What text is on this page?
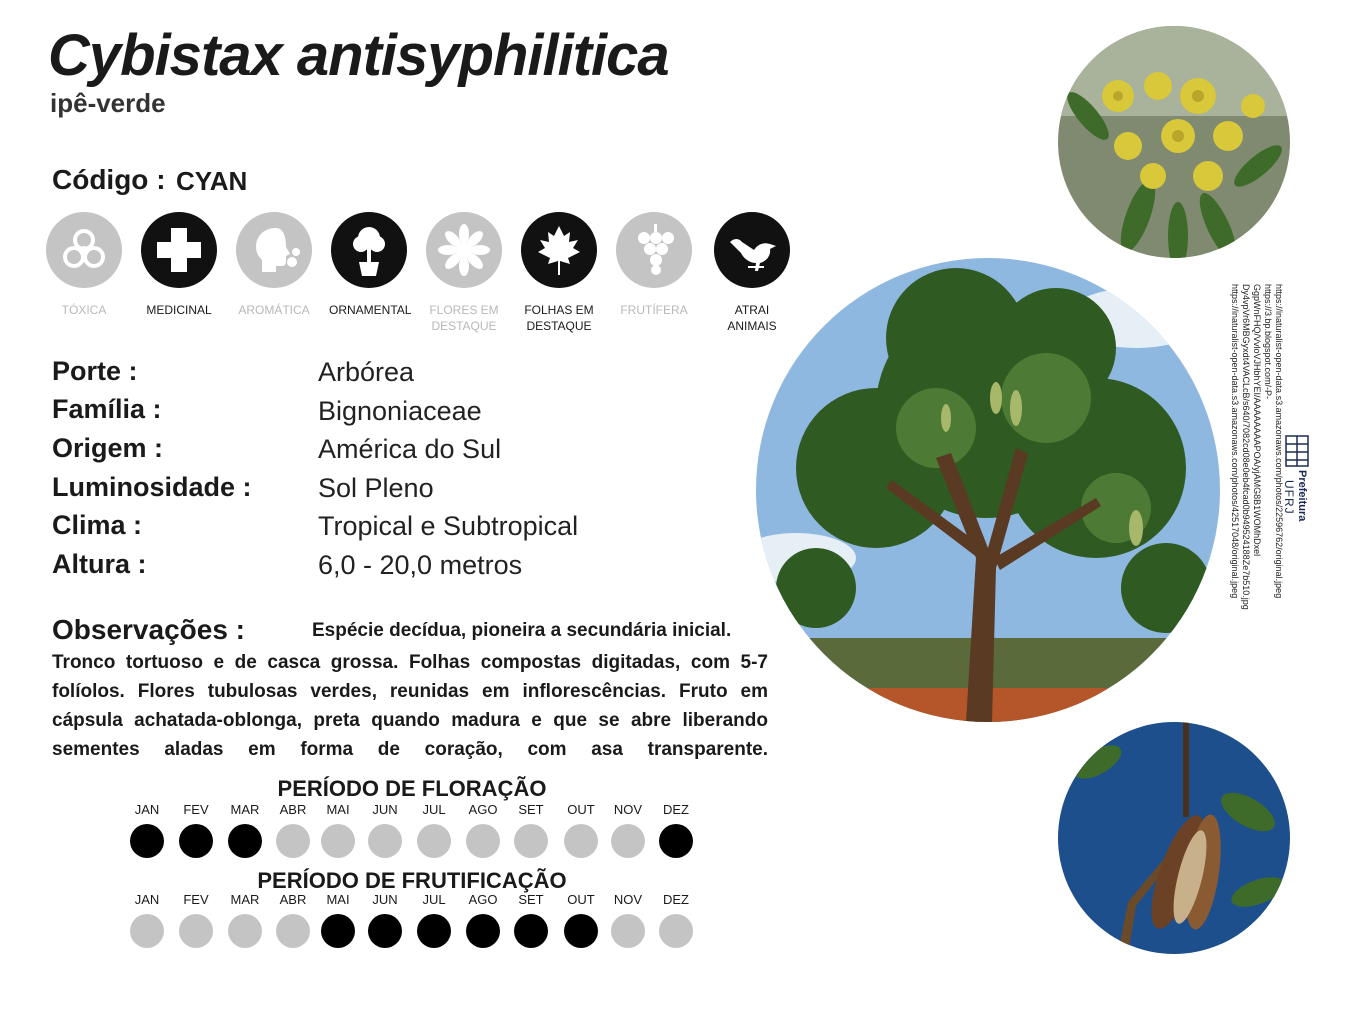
Cybistax antisyphilitica
ipê-verde
Código : CYAN
TÓXICA	MEDICINAL	AROMÁTICA	ORNAMENTAL	FLORES EM DESTAQUE
FOLHAS EM DESTAQUE
FRUTÍFERA	ATRAI ANIMAIS
Porte :	Arbórea
Família :	Bignoniaceae
Origem :	América do Sul
Luminosidade : Sol Pleno
Clima :	Tropical e Subtropical
Altura :	6,0 - 20,0 metros
Observações :	Espécie decídua, pioneira a secundária inicial.
Tronco tortuoso e de casca grossa. Folhas compostas digitadas, com 5-7 folíolos. Flores tubulosas verdes, reunidas em inflorescências. Fruto em cápsula achatada-oblonga, preta quando madura e que se abre liberando sementes aladas em forma de coração, com asa transparente.
PERÍODO DE FLORAÇÃO
JAN	FEV	MAR	ABR	MAI	JUN	JUL	AGO	SET	OUT	NOV	DEZ
PERÍODO DE FRUTIFICAÇÃO
JAN	FEV	MAR	ABR	MAI	JUN	JUL	AGO	SET	OUT	NOV	DEZ
https://inaturalist-open-data.s3.amazonaws.com/photos/22596762/original.jpeg
https://3.bp.blogspot.com/-P-GgpWnFHQ/VvloVJHbhYEI/AAAAAAAAPOA/yjAMG8B1WOMhDxel
Dy4vpVr6MBGyxdt4VACLcB/s640/7082cd08e0eb4fcad0b949524188Ze7b510.jpg
https://inaturalist-open-data.s3.amazonaws.com/photos/42517048/original.jpeg	Prefeitura
UFRJ
